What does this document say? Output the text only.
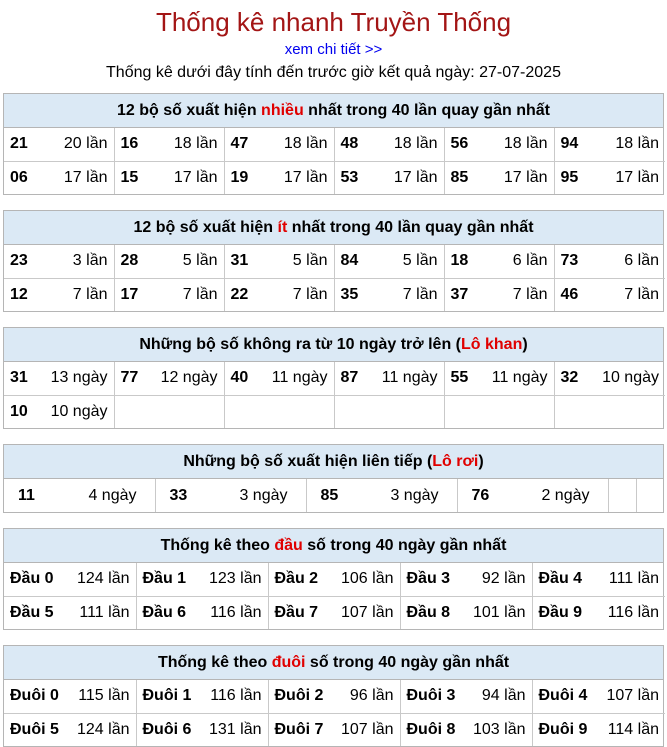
Thống kê nhanh Truyền Thống
xem chi tiết >>
Thống kê dưới đây tính đến trước giờ kết quả ngày: 27-07-2025
12 bộ số xuất hiện nhiều nhất trong 40 lần quay gần nhất
21 20 lần	16 18 lần	47 18 lần	48 18 lần	56 18 lần	94 18 lần

06 17 lần	15 17 lần	19 17 lần	53 17 lần	85 17 lần	95 17 lần
12 bộ số xuất hiện ít nhất trong 40 lần quay gần nhất
23 3 lần	28 5 lần	31 5 lần	84 5 lần	18 6 lần	73 6 lần

12 7 lần	17 7 lần	22 7 lần	35 7 lần	37 7 lần	46 7 lần
Những bộ số không ra từ 10 ngày trở lên (Lô khan)
31 13 ngày	77 12 ngày	40 11 ngày	87 11 ngày	55 11 ngày	32 10 ngày

10 10 ngày					

Những bộ số xuất hiện liên tiếp (Lô rơi)
11	4 ngày	33	3 ngày	85	3 ngày	76	2 ngày

Thống kê theo đầu số trong 40 ngày gần nhất
Đầu 0 124 lần	Đầu 1 123 lần	Đầu 2 106 lần	Đầu 3 92 lần	Đầu 4 111 lần

Đầu 5 111 lần	Đầu 6 116 lần	Đầu 7 107 lần	Đầu 8 101 lần	Đầu 9 116 lần
Thống kê theo đuôi số trong 40 ngày gần nhất
Đuôi 0 115 lần	Đuôi 1 116 lần	Đuôi 2 96 lần	Đuôi 3 94 lần	Đuôi 4 107 lần

Đuôi 5 124 lần	Đuôi 6 131 lần	Đuôi 7 107 lần	Đuôi 8 103 lần	Đuôi 9 114 lần
